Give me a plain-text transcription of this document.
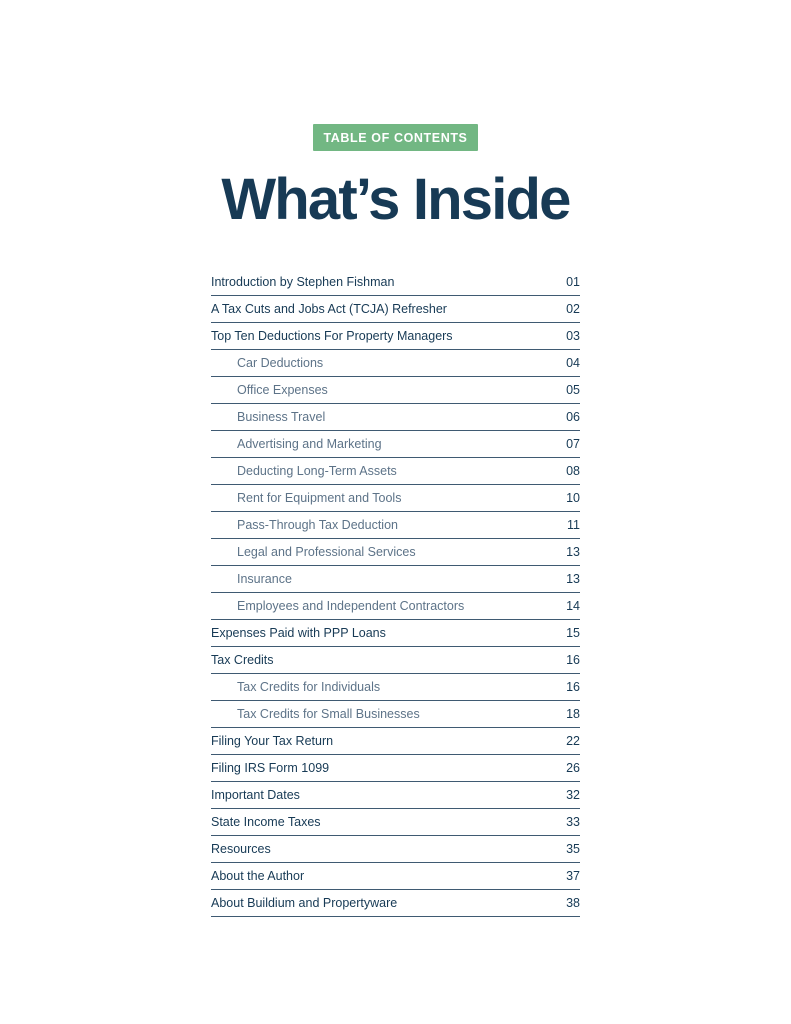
TABLE OF CONTENTS
What’s Inside
Introduction by Stephen Fishman	01
A Tax Cuts and Jobs Act (TCJA) Refresher	02
Top Ten Deductions For Property Managers	03
Car Deductions	04
Office Expenses	05
Business Travel	06
Advertising and Marketing	07
Deducting Long-Term Assets	08
Rent for Equipment and Tools	10
Pass-Through Tax Deduction	11
Legal and Professional Services	13
Insurance	13
Employees and Independent Contractors	14
Expenses Paid with PPP Loans	15
Tax Credits	16
Tax Credits for Individuals	16
Tax Credits for Small Businesses	18
Filing Your Tax Return	22
Filing IRS Form 1099	26
Important Dates	32
State Income Taxes	33
Resources	35
About the Author	37
About Buildium and Propertyware	38
